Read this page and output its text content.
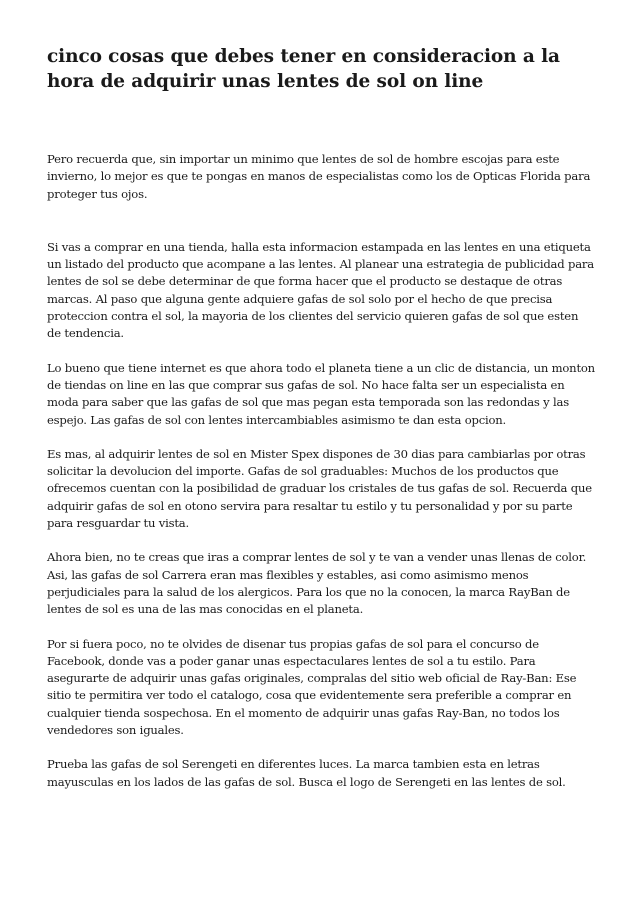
cinco cosas que debes tener en consideracion a la hora de adquirir unas lentes de sol on line

Pero recuerda que, sin importar un minimo que lentes de sol de hombre escojas para este invierno, lo mejor es que te pongas en manos de especialistas como los de Opticas Florida para proteger tus ojos.

Si vas a comprar en una tienda, halla esta informacion estampada en las lentes en una etiqueta un listado del producto que acompane a las lentes. Al planear una estrategia de publicidad para lentes de sol se debe determinar de que forma hacer que el producto se destaque de otras marcas. Al paso que alguna gente adquiere gafas de sol solo por el hecho de que precisa proteccion contra el sol, la mayoria de los clientes del servicio quieren gafas de sol que esten de tendencia.

Lo bueno que tiene internet es que ahora todo el planeta tiene a un clic de distancia, un monton de tiendas on line en las que comprar sus gafas de sol. No hace falta ser un especialista en moda para saber que las gafas de sol que mas pegan esta temporada son las redondas y las espejo. Las gafas de sol con lentes intercambiables asimismo te dan esta opcion.

Es mas, al adquirir lentes de sol en Mister Spex dispones de 30 dias para cambiarlas por otras solicitar la devolucion del importe. Gafas de sol graduables: Muchos de los productos que ofrecemos cuentan con la posibilidad de graduar los cristales de tus gafas de sol. Recuerda que adquirir gafas de sol en otono servira para resaltar tu estilo y tu personalidad y por su parte para resguardar tu vista.

Ahora bien, no te creas que iras a comprar lentes de sol y te van a vender unas llenas de color. Asi, las gafas de sol Carrera eran mas flexibles y estables, asi como asimismo menos perjudiciales para la salud de los alergicos. Para los que no la conocen, la marca RayBan de lentes de sol es una de las mas conocidas en el planeta.

Por si fuera poco, no te olvides de disenar tus propias gafas de sol para el concurso de Facebook, donde vas a poder ganar unas espectaculares lentes de sol a tu estilo. Para asegurarte de adquirir unas gafas originales, compralas del sitio web oficial de Ray-Ban: Ese sitio te permitira ver todo el catalogo, cosa que evidentemente sera preferible a comprar en cualquier tienda sospechosa. En el momento de adquirir unas gafas Ray-Ban, no todos los vendedores son iguales.

Prueba las gafas de sol Serengeti en diferentes luces. La marca tambien esta en letras mayusculas en los lados de las gafas de sol. Busca el logo de Serengeti en las lentes de sol.
